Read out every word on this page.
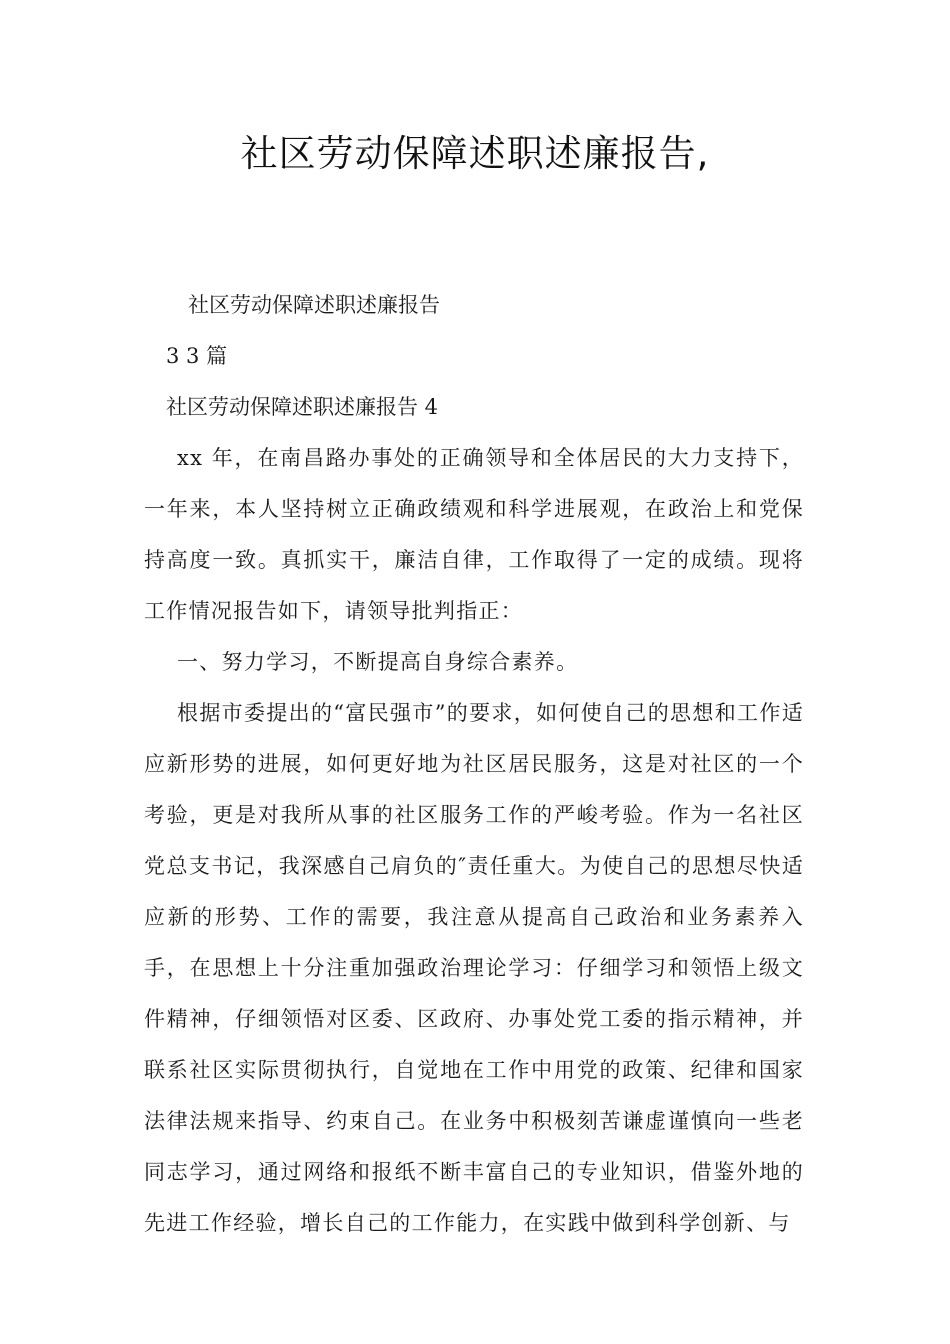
社区劳动保障述职述廉报告,

社区劳动保障述职述廉报告

3 3 篇

社区劳动保障述职述廉报告 4

xx 年，在南昌路办事处的正确领导和全体居民的大力支持下，一年来，本人坚持树立正确政绩观和科学进展观，在政治上和党保持高度一致。真抓实干，廉洁自律，工作取得了一定的成绩。现将工作情况报告如下，请领导批判指正：

一、努力学习，不断提高自身综合素养。

根据市委提出的“富民强市”的要求，如何使自己的思想和工作适应新形势的进展，如何更好地为社区居民服务，这是对社区的一个考验，更是对我所从事的社区服务工作的严峻考验。作为一名社区党总支书记，我深感自己肩负的″责任重大。为使自己的思想尽快适应新的形势、工作的需要，我注意从提高自己政治和业务素养入手，在思想上十分注重加强政治理论学习：仔细学习和领悟上级文件精神，仔细领悟对区委、区政府、办事处党工委的指示精神，并联系社区实际贯彻执行，自觉地在工作中用党的政策、纪律和国家法律法规来指导、约束自己。在业务中积极刻苦谦虚谨慎向一些老同志学习，通过网络和报纸不断丰富自己的专业知识，借鉴外地的先进工作经验，增长自己的工作能力，在实践中做到科学创新、与
